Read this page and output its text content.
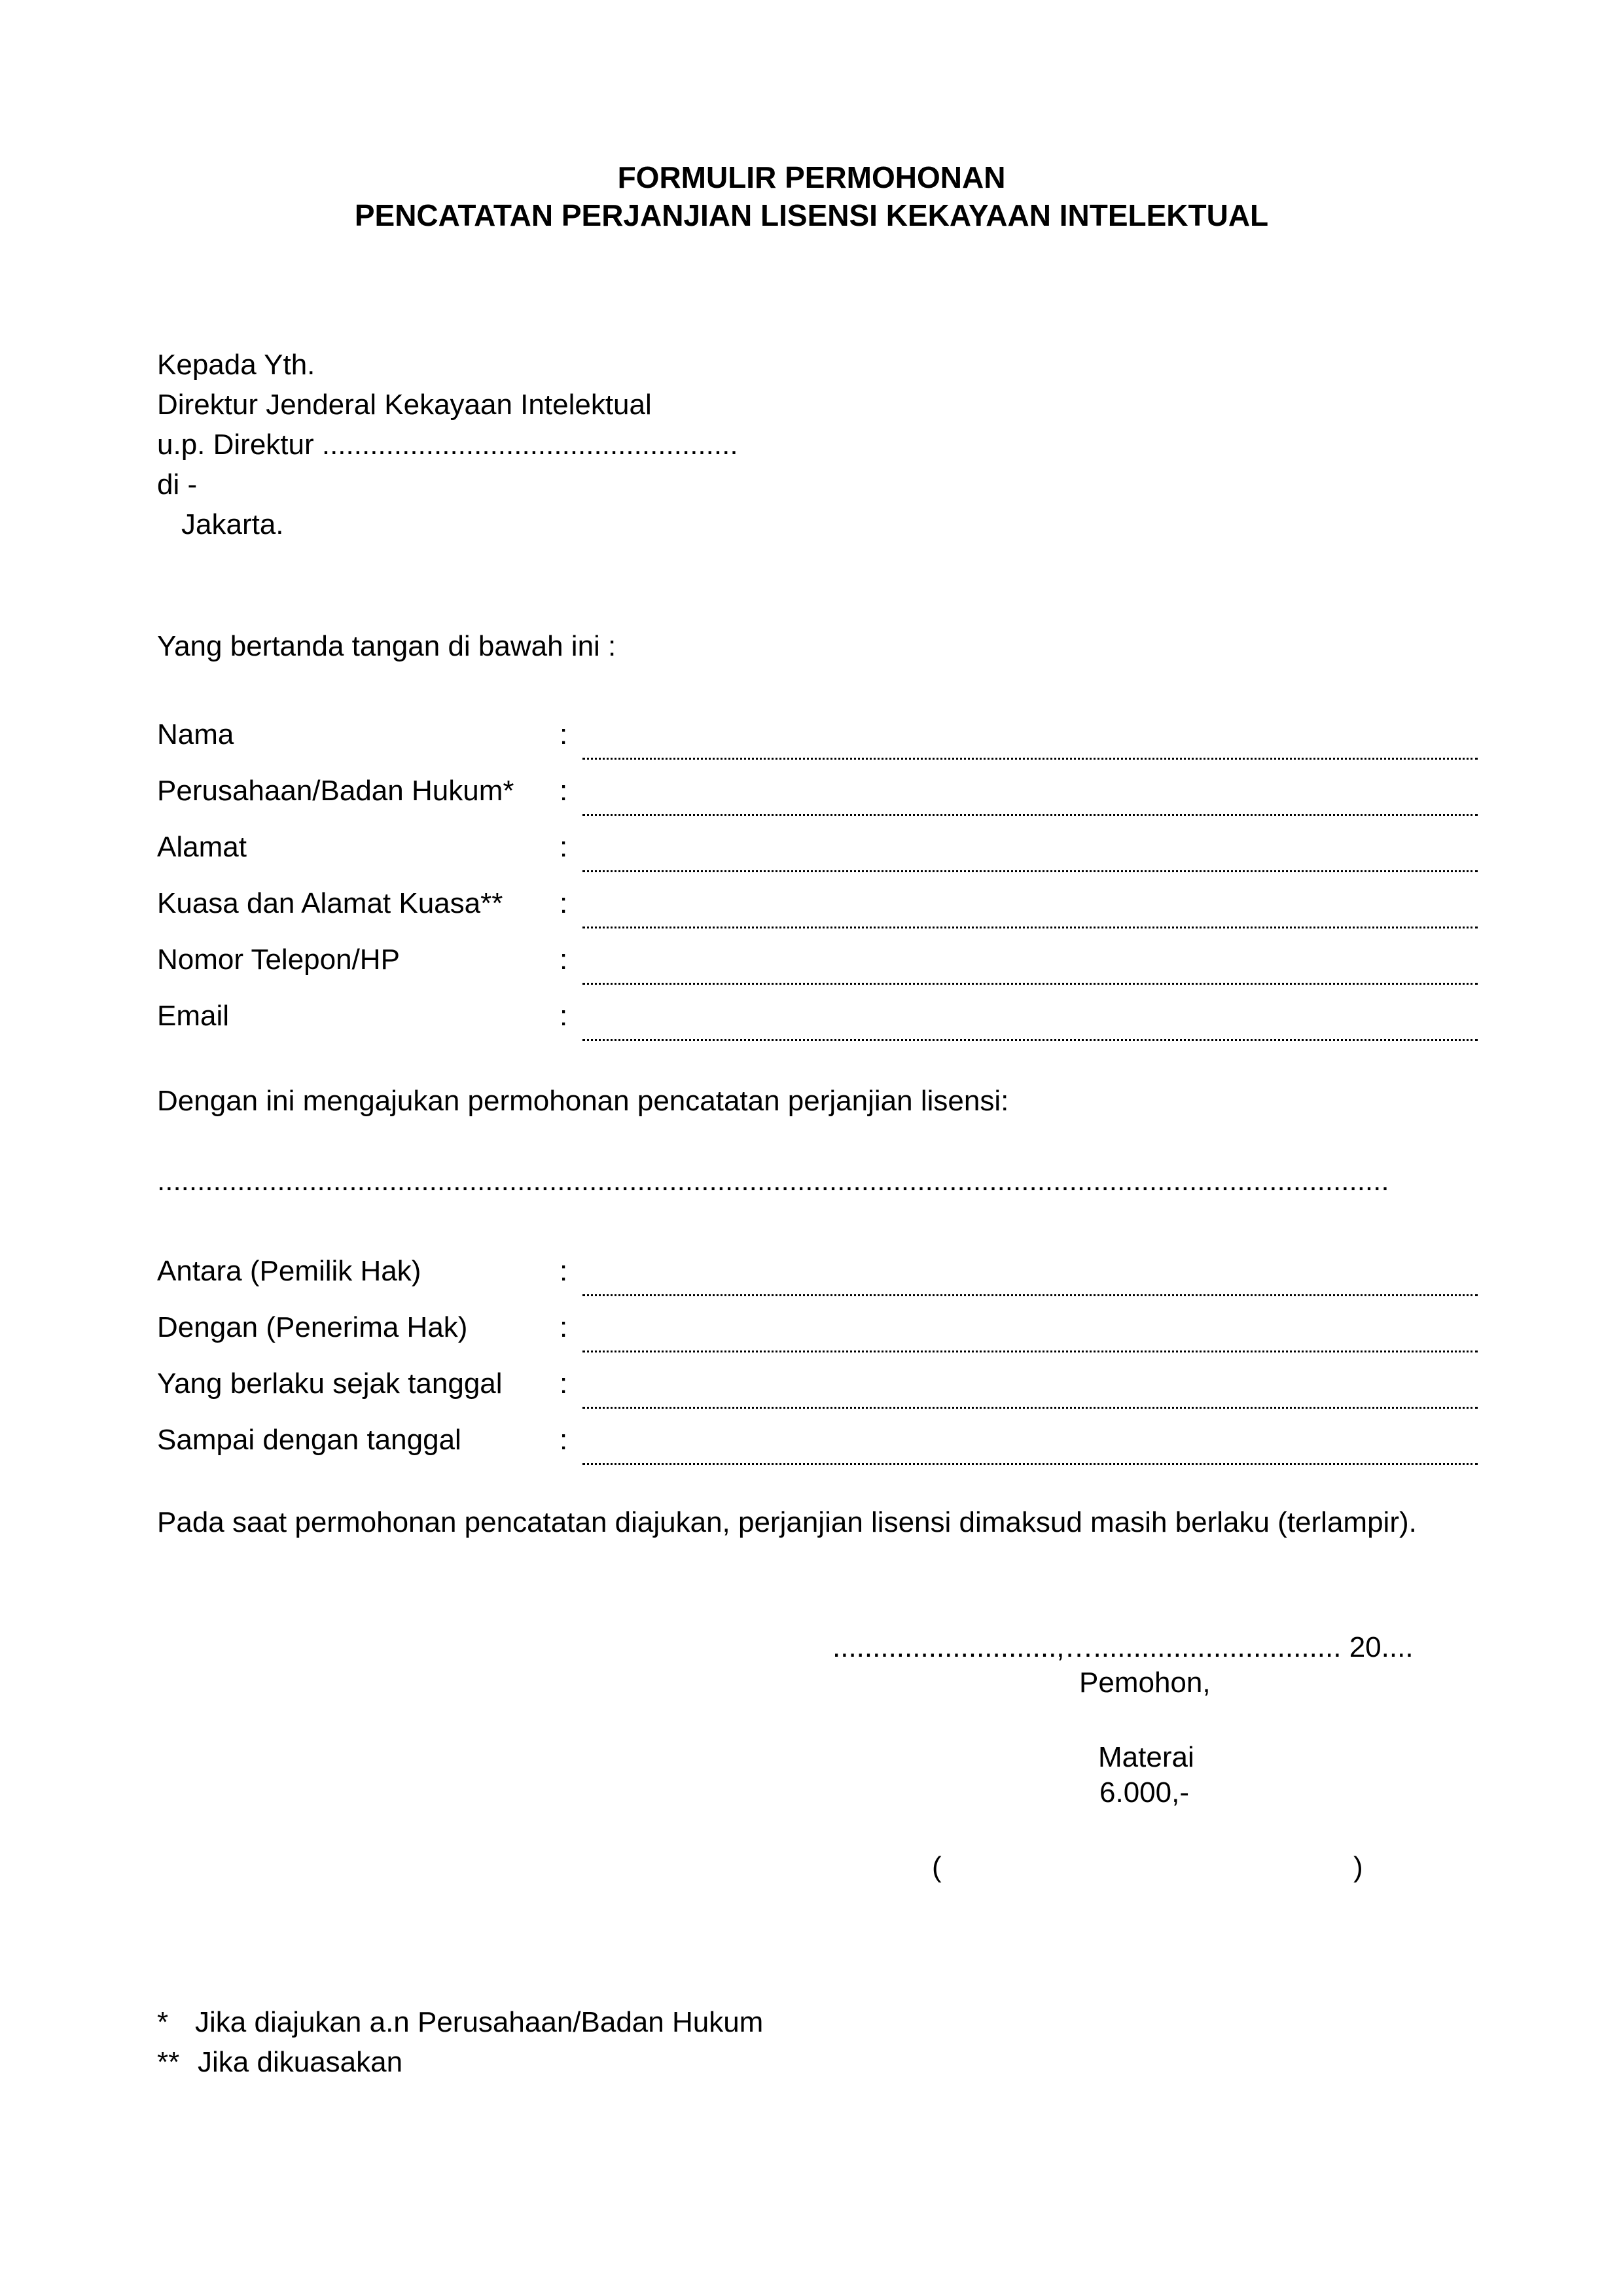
FORMULIR PERMOHONAN
PENCATATAN PERJANJIAN LISENSI KEKAYAAN INTELEKTUAL
Kepada Yth.
Direktur Jenderal Kekayaan Intelektual
u.p. Direktur ....................................................
di -
Jakarta.
Yang bertanda tangan di bawah ini :
Nama	:
Perusahaan/Badan Hukum* :
Alamat	:
Kuasa dan Alamat Kuasa** :
Nomor Telepon/HP	:
Email	:
Dengan ini mengajukan permohonan pencatatan perjanjian lisensi:
..........................................................................................................................................................
Antara (Pemilik Hak)	:
Dengan (Penerima Hak)	:
Yang berlaku sejak tanggal :
Sampai dengan tanggal	:
Pada saat permohonan pencatatan diajukan, perjanjian lisensi dimaksud masih berlaku (terlampir).
............................,…............................... 20....
Pemohon,
Materai
6.000,-
(	)
* Jika diajukan a.n Perusahaan/Badan Hukum
** Jika dikuasakan
